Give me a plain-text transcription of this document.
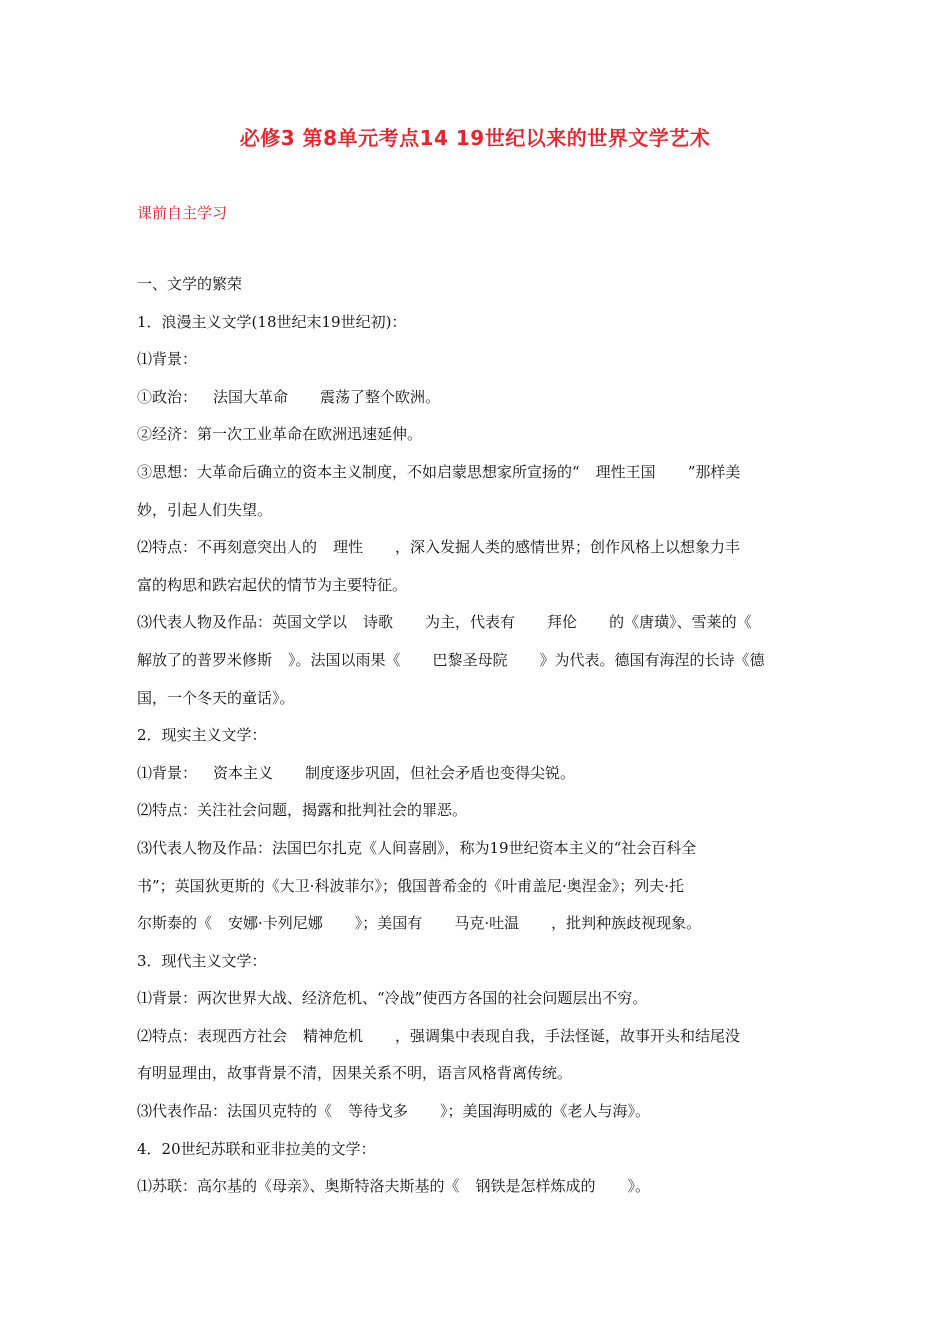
必修3 第8单元考点14 19世纪以来的世界文学艺术
课前自主学习
一、文学的繁荣
1．浪漫主义文学(18世纪末19世纪初)：
⑴背景：
①政治： 法国大革命 震荡了整个欧洲。
②经济：第一次工业革命在欧洲迅速延伸。
③思想：大革命后确立的资本主义制度，不如启蒙思想家所宣扬的“ 理性王国 ”那样美
妙，引起人们失望。
⑵特点：不再刻意突出人的 理性 ，深入发掘人类的感情世界；创作风格上以想象力丰
富的构思和跌宕起伏的情节为主要特征。
⑶代表人物及作品：英国文学以 诗歌 为主，代表有 拜伦 的《唐璜》、雪莱的《
解放了的普罗米修斯 》。法国以雨果《 巴黎圣母院 》为代表。德国有海涅的长诗《德
国，一个冬天的童话》。
2．现实主义文学：
⑴背景： 资本主义 制度逐步巩固，但社会矛盾也变得尖锐。
⑵特点：关注社会问题，揭露和批判社会的罪恶。
⑶代表人物及作品：法国巴尔扎克《人间喜剧》，称为19世纪资本主义的“社会百科全
书”；英国狄更斯的《大卫·科波菲尔》；俄国普希金的《叶甫盖尼·奥涅金》；列夫·托
尔斯泰的《 安娜·卡列尼娜 》；美国有 马克·吐温 ，批判种族歧视现象。
3．现代主义文学：
⑴背景：两次世界大战、经济危机、“冷战”使西方各国的社会问题层出不穷。
⑵特点：表现西方社会 精神危机 ，强调集中表现自我，手法怪诞，故事开头和结尾没
有明显理由，故事背景不清，因果关系不明，语言风格背离传统。
⑶代表作品：法国贝克特的《 等待戈多 》；美国海明威的《老人与海》。
4．20世纪苏联和亚非拉美的文学：
⑴苏联：高尔基的《母亲》、奥斯特洛夫斯基的《 钢铁是怎样炼成的 》。
